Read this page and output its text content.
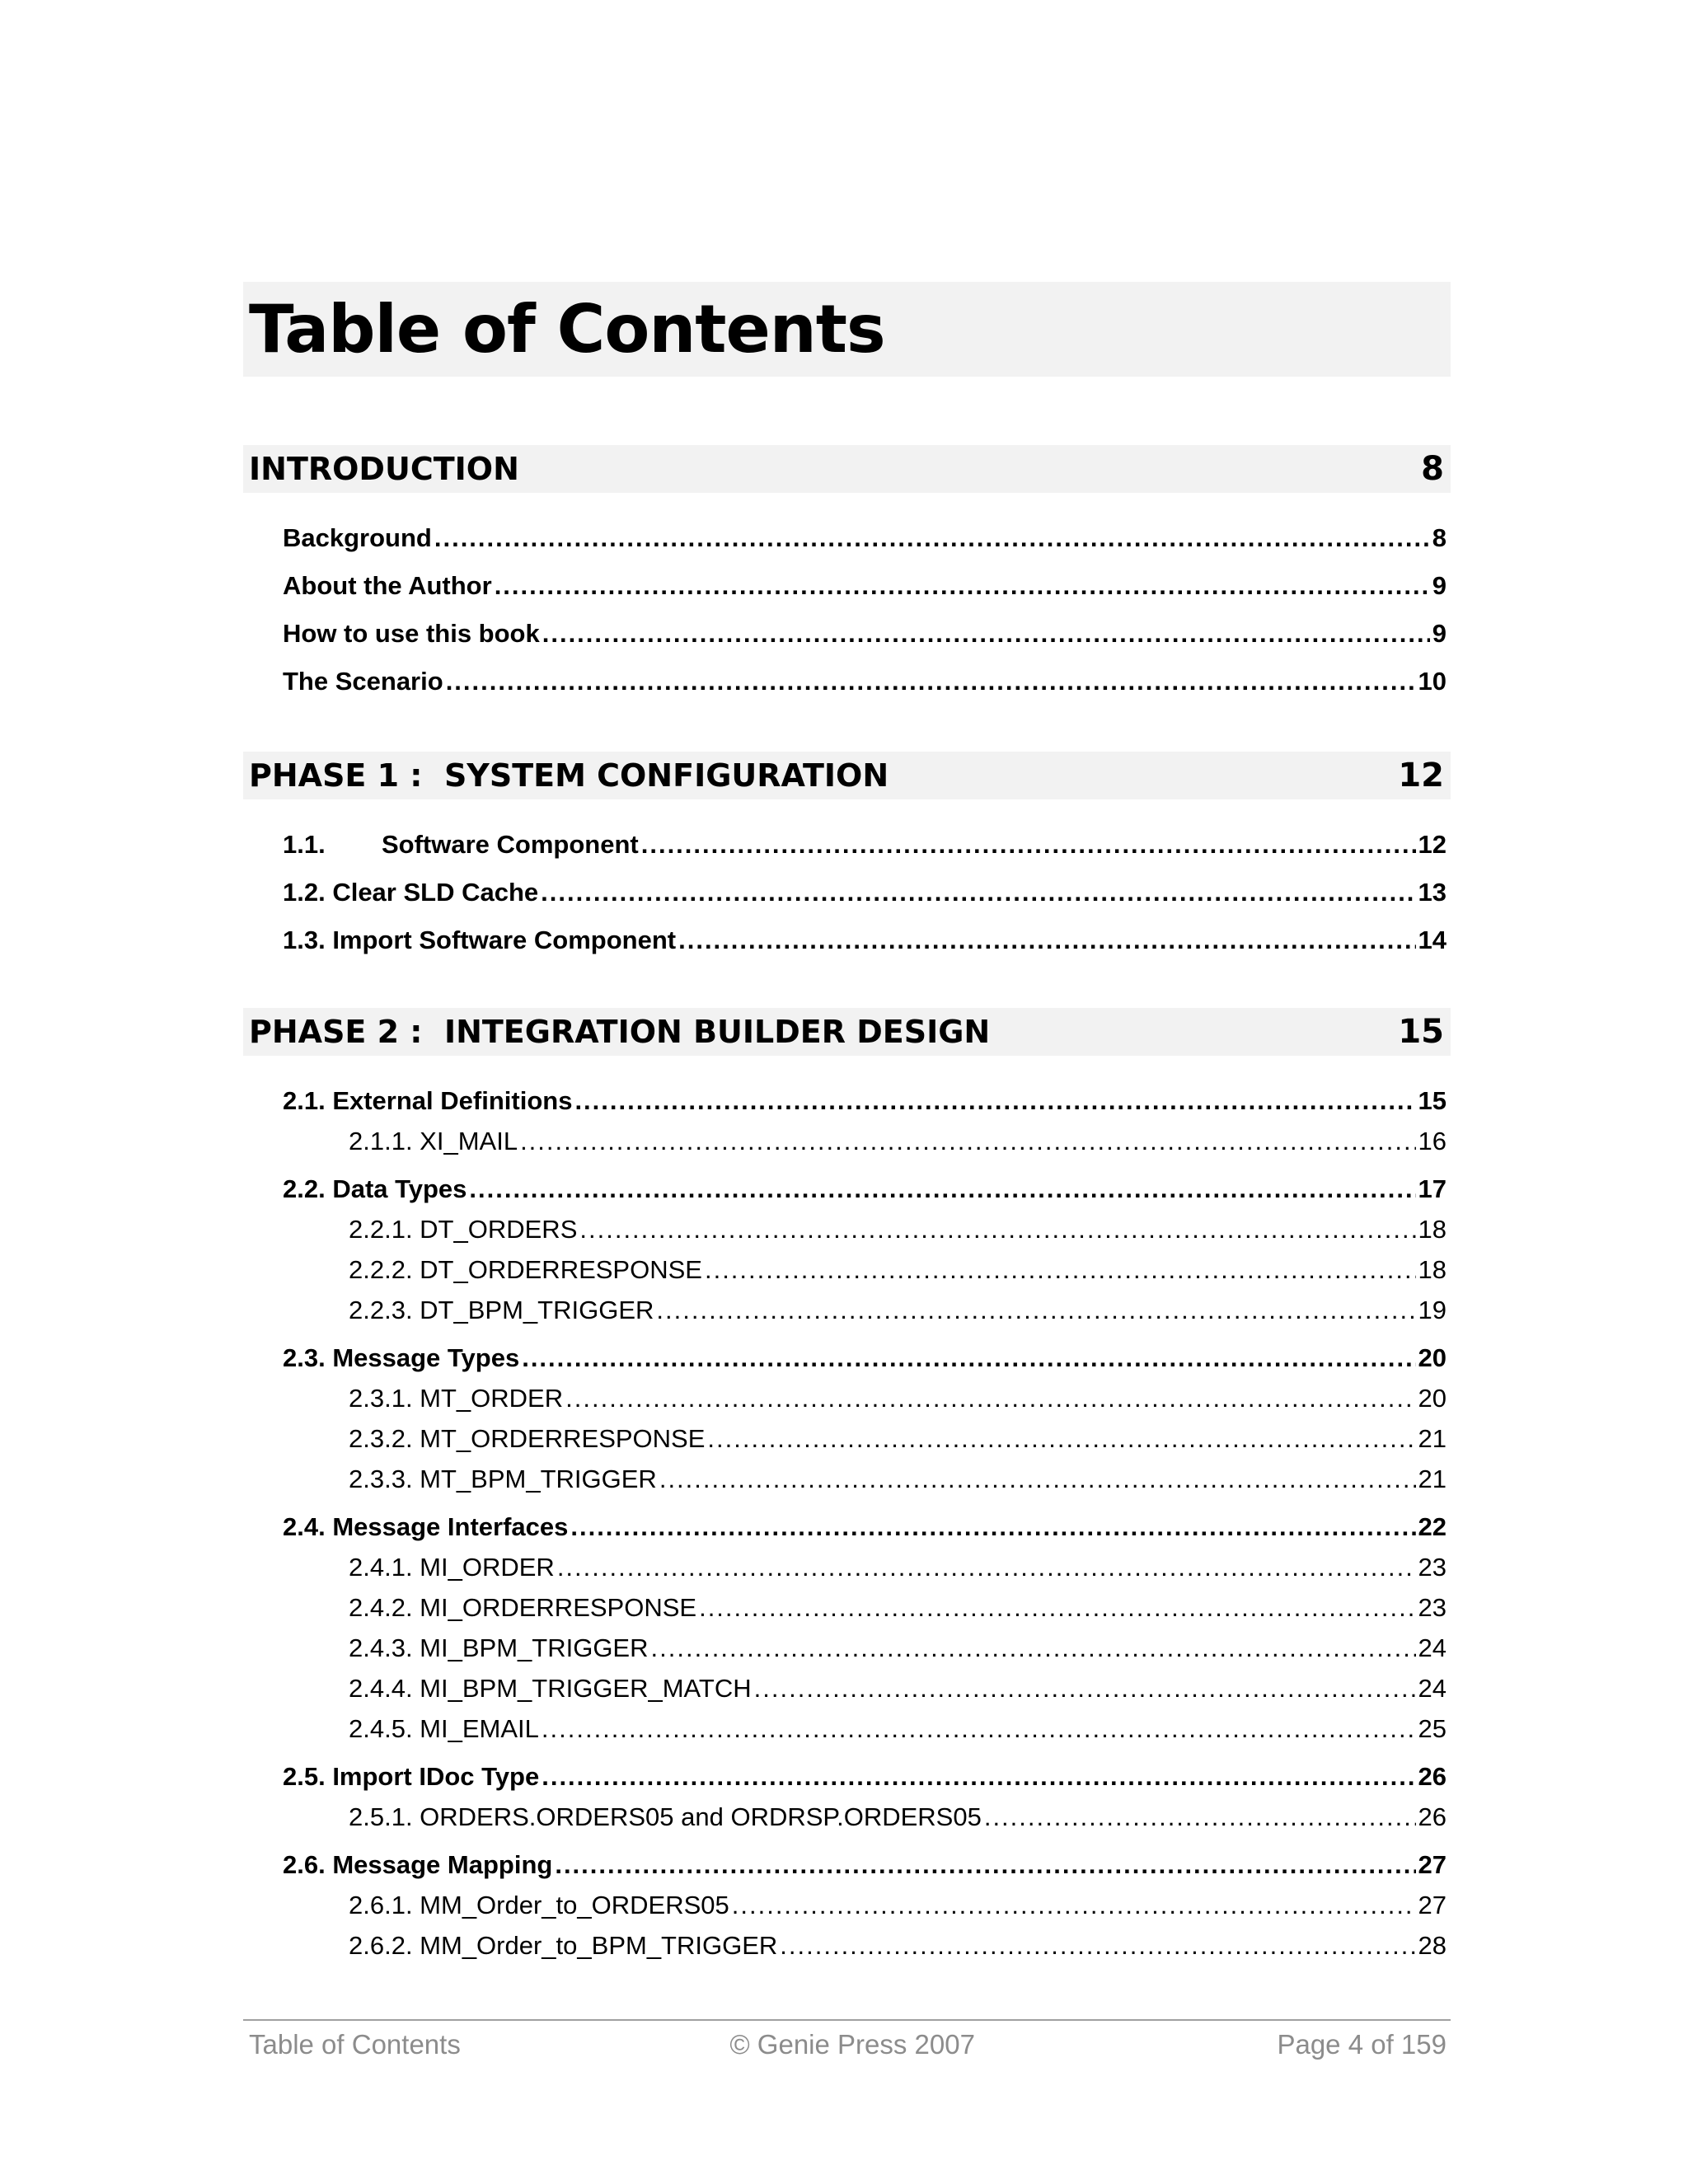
Table of Contents
INTRODUCTION	8
Background .....	8
About the Author .....	9
How to use this book .....	9
The Scenario .....	10
PHASE 1 :  SYSTEM CONFIGURATION	12
1.1.	Software Component .....	12
1.2. Clear SLD Cache .....	13
1.3. Import Software Component .....	14
PHASE 2 :  INTEGRATION BUILDER DESIGN	15
2.1. External Definitions .....	15
2.1.1. XI_MAIL .....	16
2.2. Data Types .....	17
2.2.1. DT_ORDERS .....	18
2.2.2. DT_ORDERRESPONSE .....	18
2.2.3. DT_BPM_TRIGGER .....	19
2.3. Message Types .....	20
2.3.1. MT_ORDER .....	20
2.3.2. MT_ORDERRESPONSE .....	21
2.3.3. MT_BPM_TRIGGER .....	21
2.4. Message Interfaces .....	22
2.4.1. MI_ORDER .....	23
2.4.2. MI_ORDERRESPONSE .....	23
2.4.3. MI_BPM_TRIGGER .....	24
2.4.4. MI_BPM_TRIGGER_MATCH .....	24
2.4.5. MI_EMAIL .....	25
2.5. Import IDoc Type .....	26
2.5.1. ORDERS.ORDERS05 and ORDRSP.ORDERS05 .....	26
2.6. Message Mapping .....	27
2.6.1. MM_Order_to_ORDERS05 .....	27
2.6.2. MM_Order_to_BPM_TRIGGER .....	28
Table of Contents	© Genie Press 2007	Page 4 of 159
